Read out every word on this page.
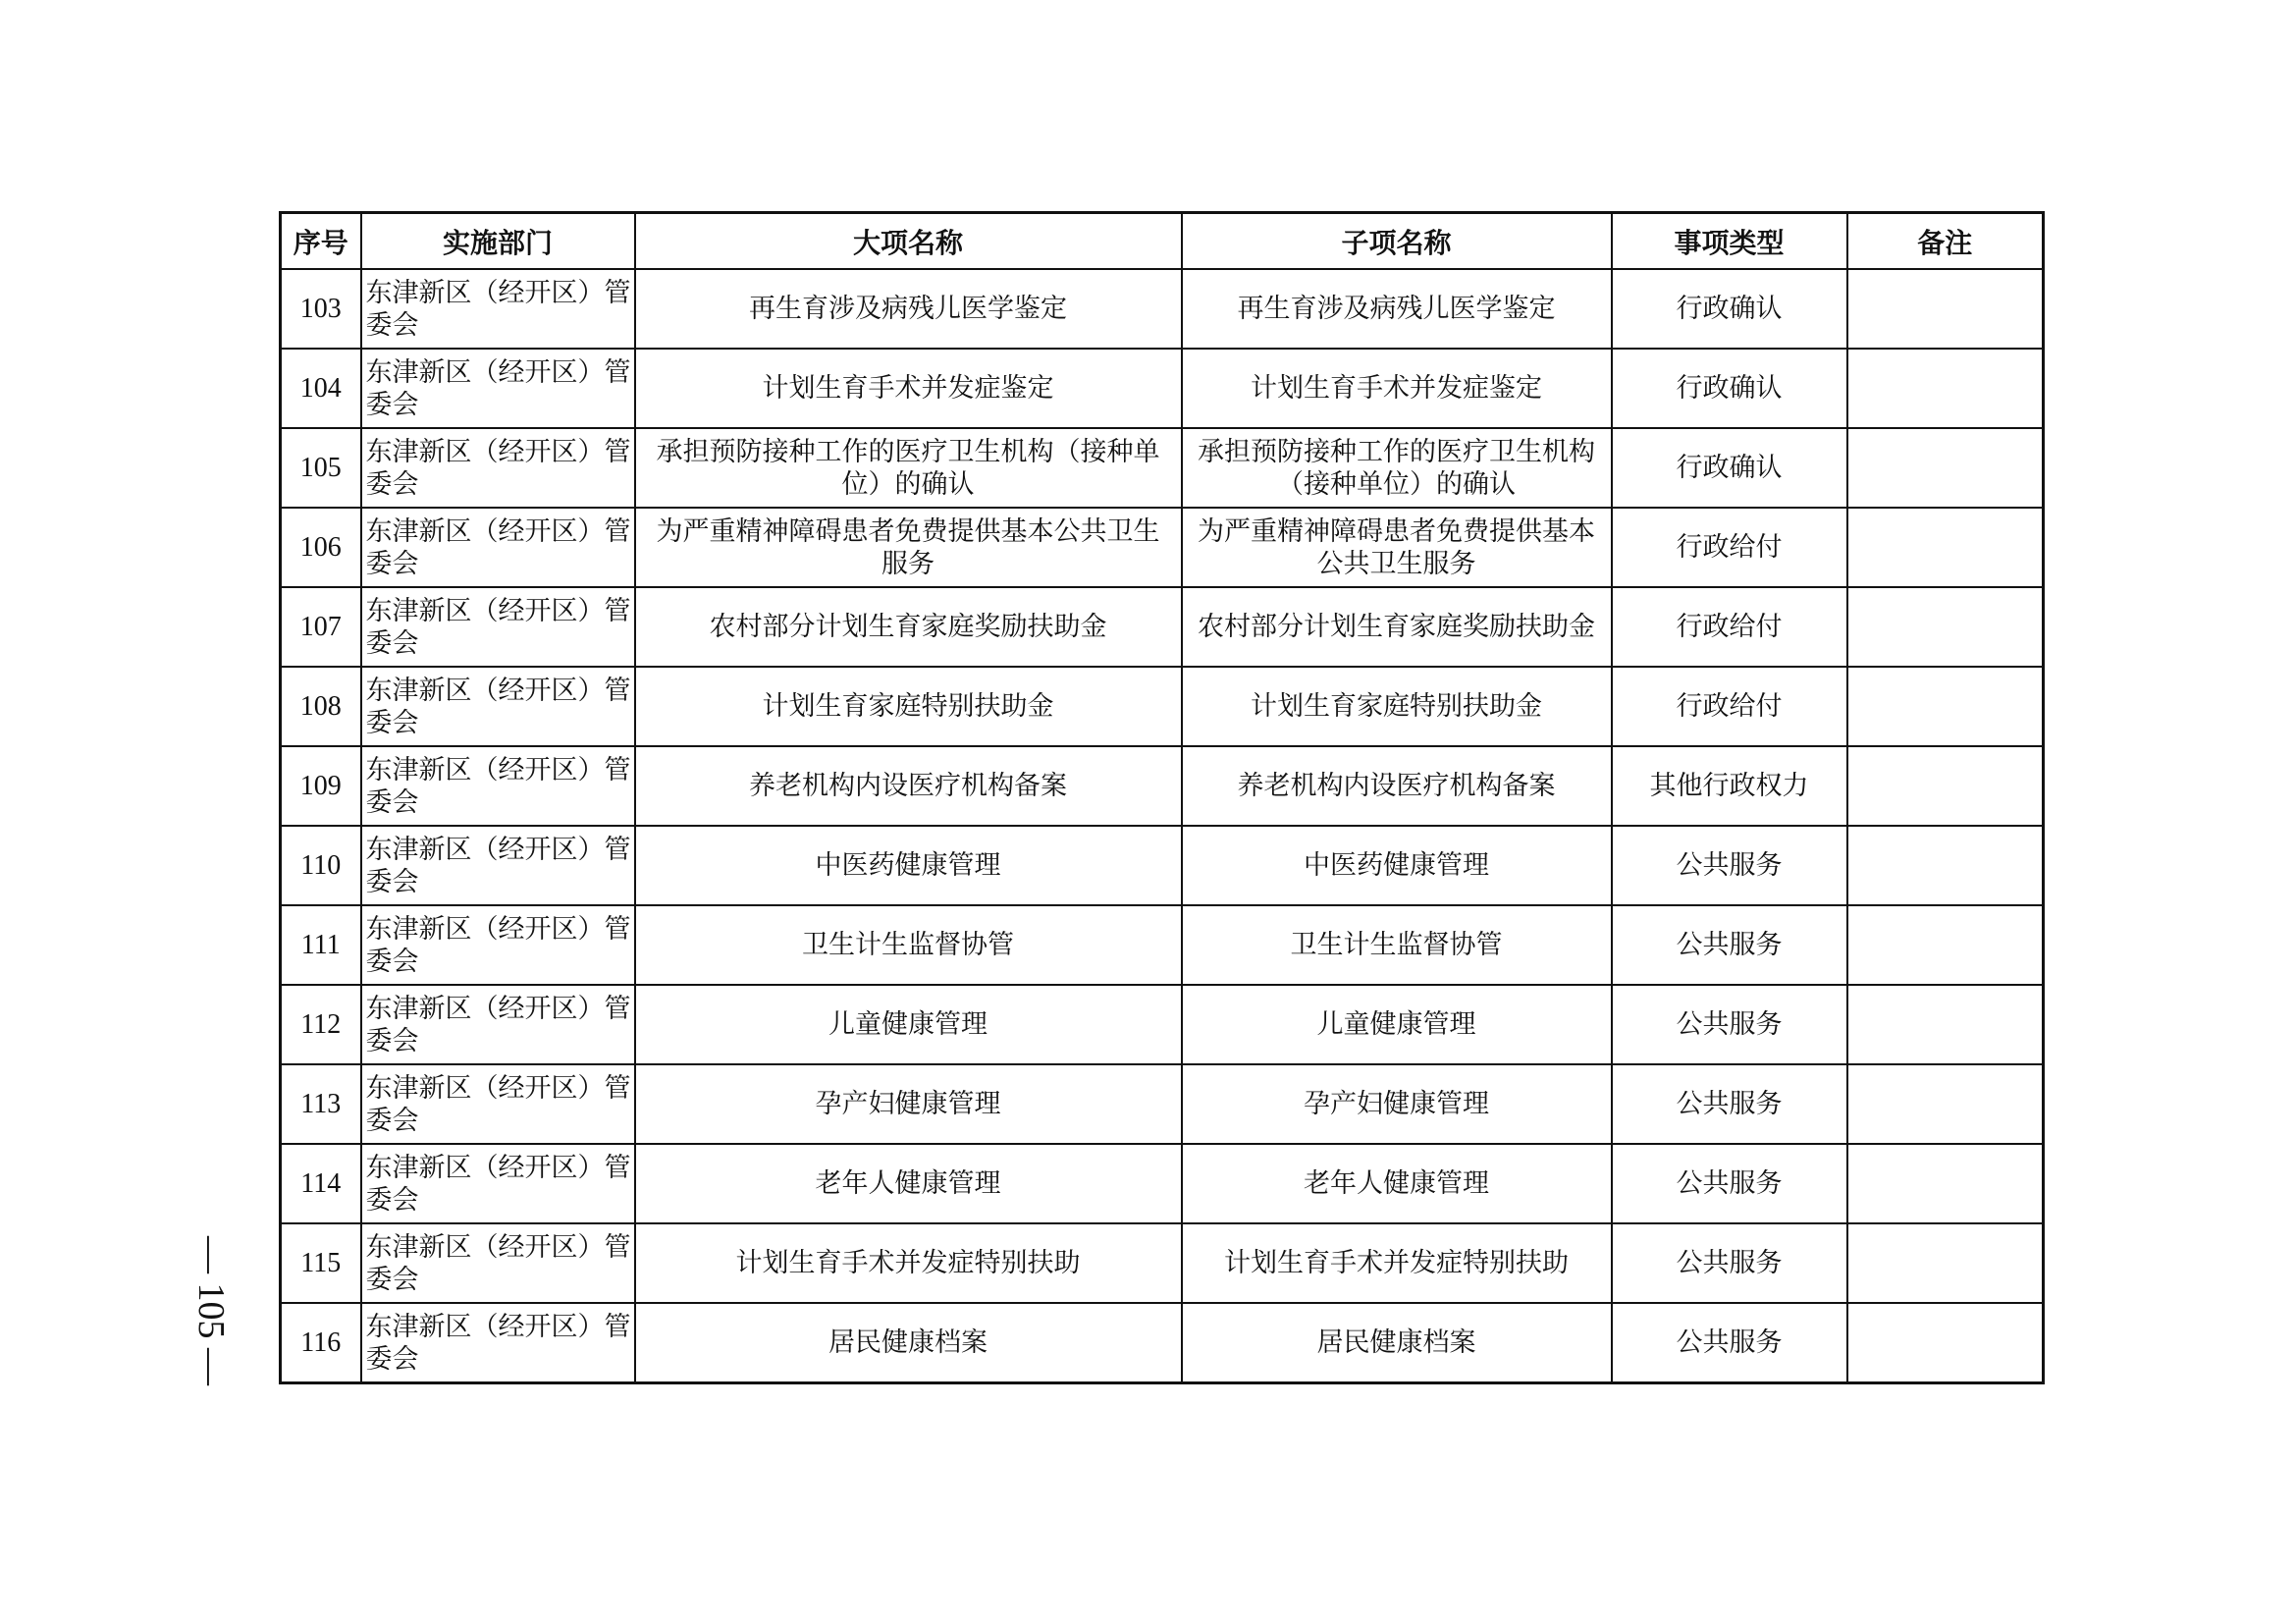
序号	实施部门	大项名称	子项名称	事项类型	备注
103	东津新区（经开区）管委会	再生育涉及病残儿医学鉴定	再生育涉及病残儿医学鉴定	行政确认	
104	东津新区（经开区）管委会	计划生育手术并发症鉴定	计划生育手术并发症鉴定	行政确认	
105	东津新区（经开区）管委会	承担预防接种工作的医疗卫生机构（接种单位）的确认	承担预防接种工作的医疗卫生机构（接种单位）的确认	行政确认	
106	东津新区（经开区）管委会	为严重精神障碍患者免费提供基本公共卫生服务	为严重精神障碍患者免费提供基本公共卫生服务	行政给付	
107	东津新区（经开区）管委会	农村部分计划生育家庭奖励扶助金	农村部分计划生育家庭奖励扶助金	行政给付	
108	东津新区（经开区）管委会	计划生育家庭特别扶助金	计划生育家庭特别扶助金	行政给付	
109	东津新区（经开区）管委会	养老机构内设医疗机构备案	养老机构内设医疗机构备案	其他行政权力	
110	东津新区（经开区）管委会	中医药健康管理	中医药健康管理	公共服务	
111	东津新区（经开区）管委会	卫生计生监督协管	卫生计生监督协管	公共服务	
112	东津新区（经开区）管委会	儿童健康管理	儿童健康管理	公共服务	
113	东津新区（经开区）管委会	孕产妇健康管理	孕产妇健康管理	公共服务	
114	东津新区（经开区）管委会	老年人健康管理	老年人健康管理	公共服务	
115	东津新区（经开区）管委会	计划生育手术并发症特别扶助	计划生育手术并发症特别扶助	公共服务	
116	东津新区（经开区）管委会	居民健康档案	居民健康档案	公共服务	
— 105 —
